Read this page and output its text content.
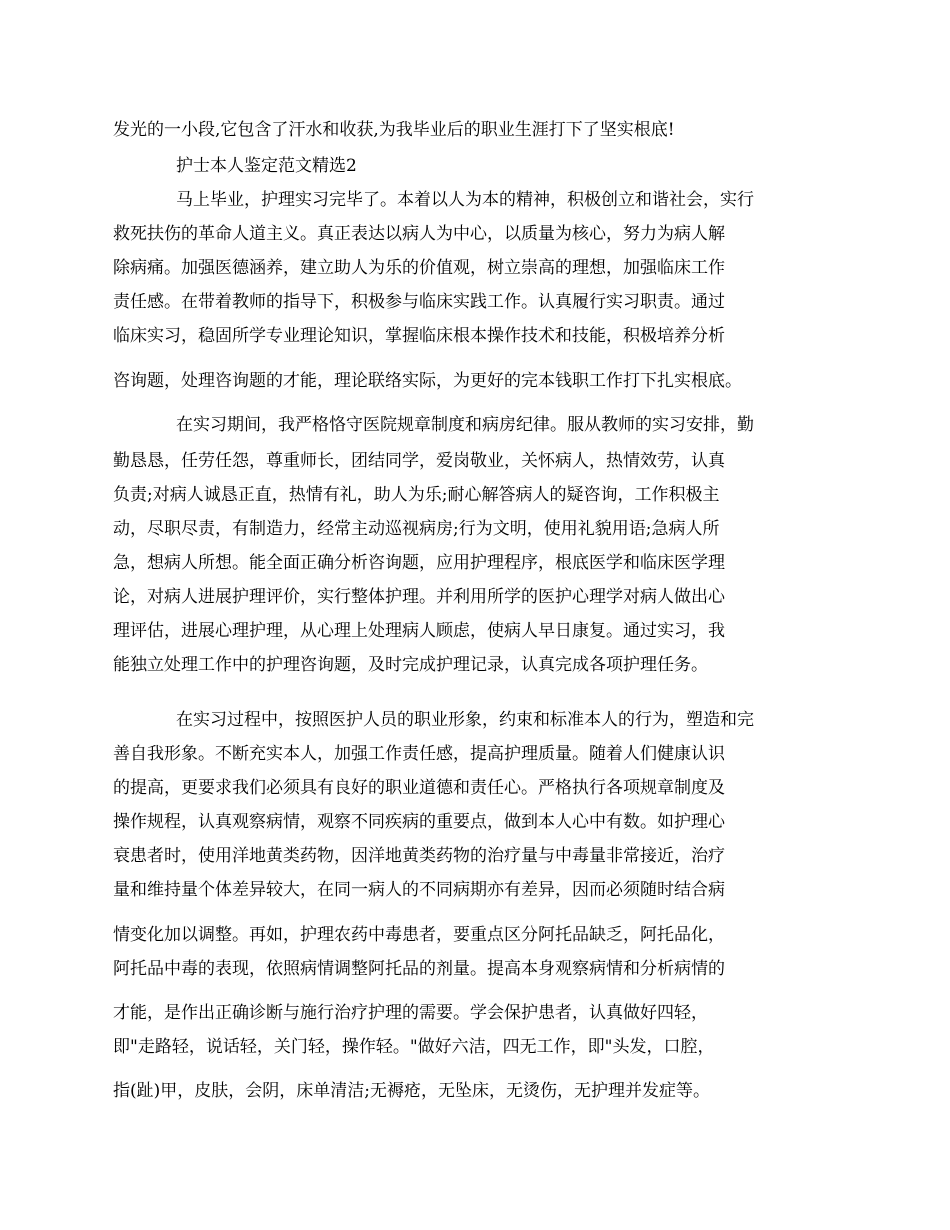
发光的一小段,它包含了汗水和收获,为我毕业后的职业生涯打下了坚实根底!
护士本人鉴定范文精选2
马上毕业，护理实习完毕了。本着以人为本的精神，积极创立和谐社会，实行
救死扶伤的革命人道主义。真正表达以病人为中心，以质量为核心，努力为病人解
除病痛。加强医德涵养，建立助人为乐的价值观，树立崇高的理想，加强临床工作
责任感。在带着教师的指导下，积极参与临床实践工作。认真履行实习职责。通过
临床实习，稳固所学专业理论知识，掌握临床根本操作技术和技能，积极培养分析
咨询题，处理咨询题的才能，理论联络实际，为更好的完本钱职工作打下扎实根底。
在实习期间，我严格恪守医院规章制度和病房纪律。服从教师的实习安排，勤
勤恳恳，任劳任怨，尊重师长，团结同学，爱岗敬业，关怀病人，热情效劳，认真
负责;对病人诚恳正直，热情有礼，助人为乐;耐心解答病人的疑咨询，工作积极主
动，尽职尽责，有制造力，经常主动巡视病房;行为文明，使用礼貌用语;急病人所
急，想病人所想。能全面正确分析咨询题，应用护理程序，根底医学和临床医学理
论，对病人进展护理评价，实行整体护理。并利用所学的医护心理学对病人做出心
理评估，进展心理护理，从心理上处理病人顾虑，使病人早日康复。通过实习，我
能独立处理工作中的护理咨询题，及时完成护理记录，认真完成各项护理任务。
在实习过程中，按照医护人员的职业形象，约束和标准本人的行为，塑造和完
善自我形象。不断充实本人，加强工作责任感，提高护理质量。随着人们健康认识
的提高，更要求我们必须具有良好的职业道德和责任心。严格执行各项规章制度及
操作规程，认真观察病情，观察不同疾病的重要点，做到本人心中有数。如护理心
衰患者时，使用洋地黄类药物，因洋地黄类药物的治疗量与中毒量非常接近，治疗
量和维持量个体差异较大，在同一病人的不同病期亦有差异，因而必须随时结合病
情变化加以调整。再如，护理农药中毒患者，要重点区分阿托品缺乏，阿托品化，
阿托品中毒的表现，依照病情调整阿托品的剂量。提高本身观察病情和分析病情的
才能，是作出正确诊断与施行治疗护理的需要。学会保护患者，认真做好四轻，
即"走路轻，说话轻，关门轻，操作轻。"做好六洁，四无工作，即"头发，口腔，
指(趾)甲，皮肤，会阴，床单清洁;无褥疮，无坠床，无烫伤，无护理并发症等。
